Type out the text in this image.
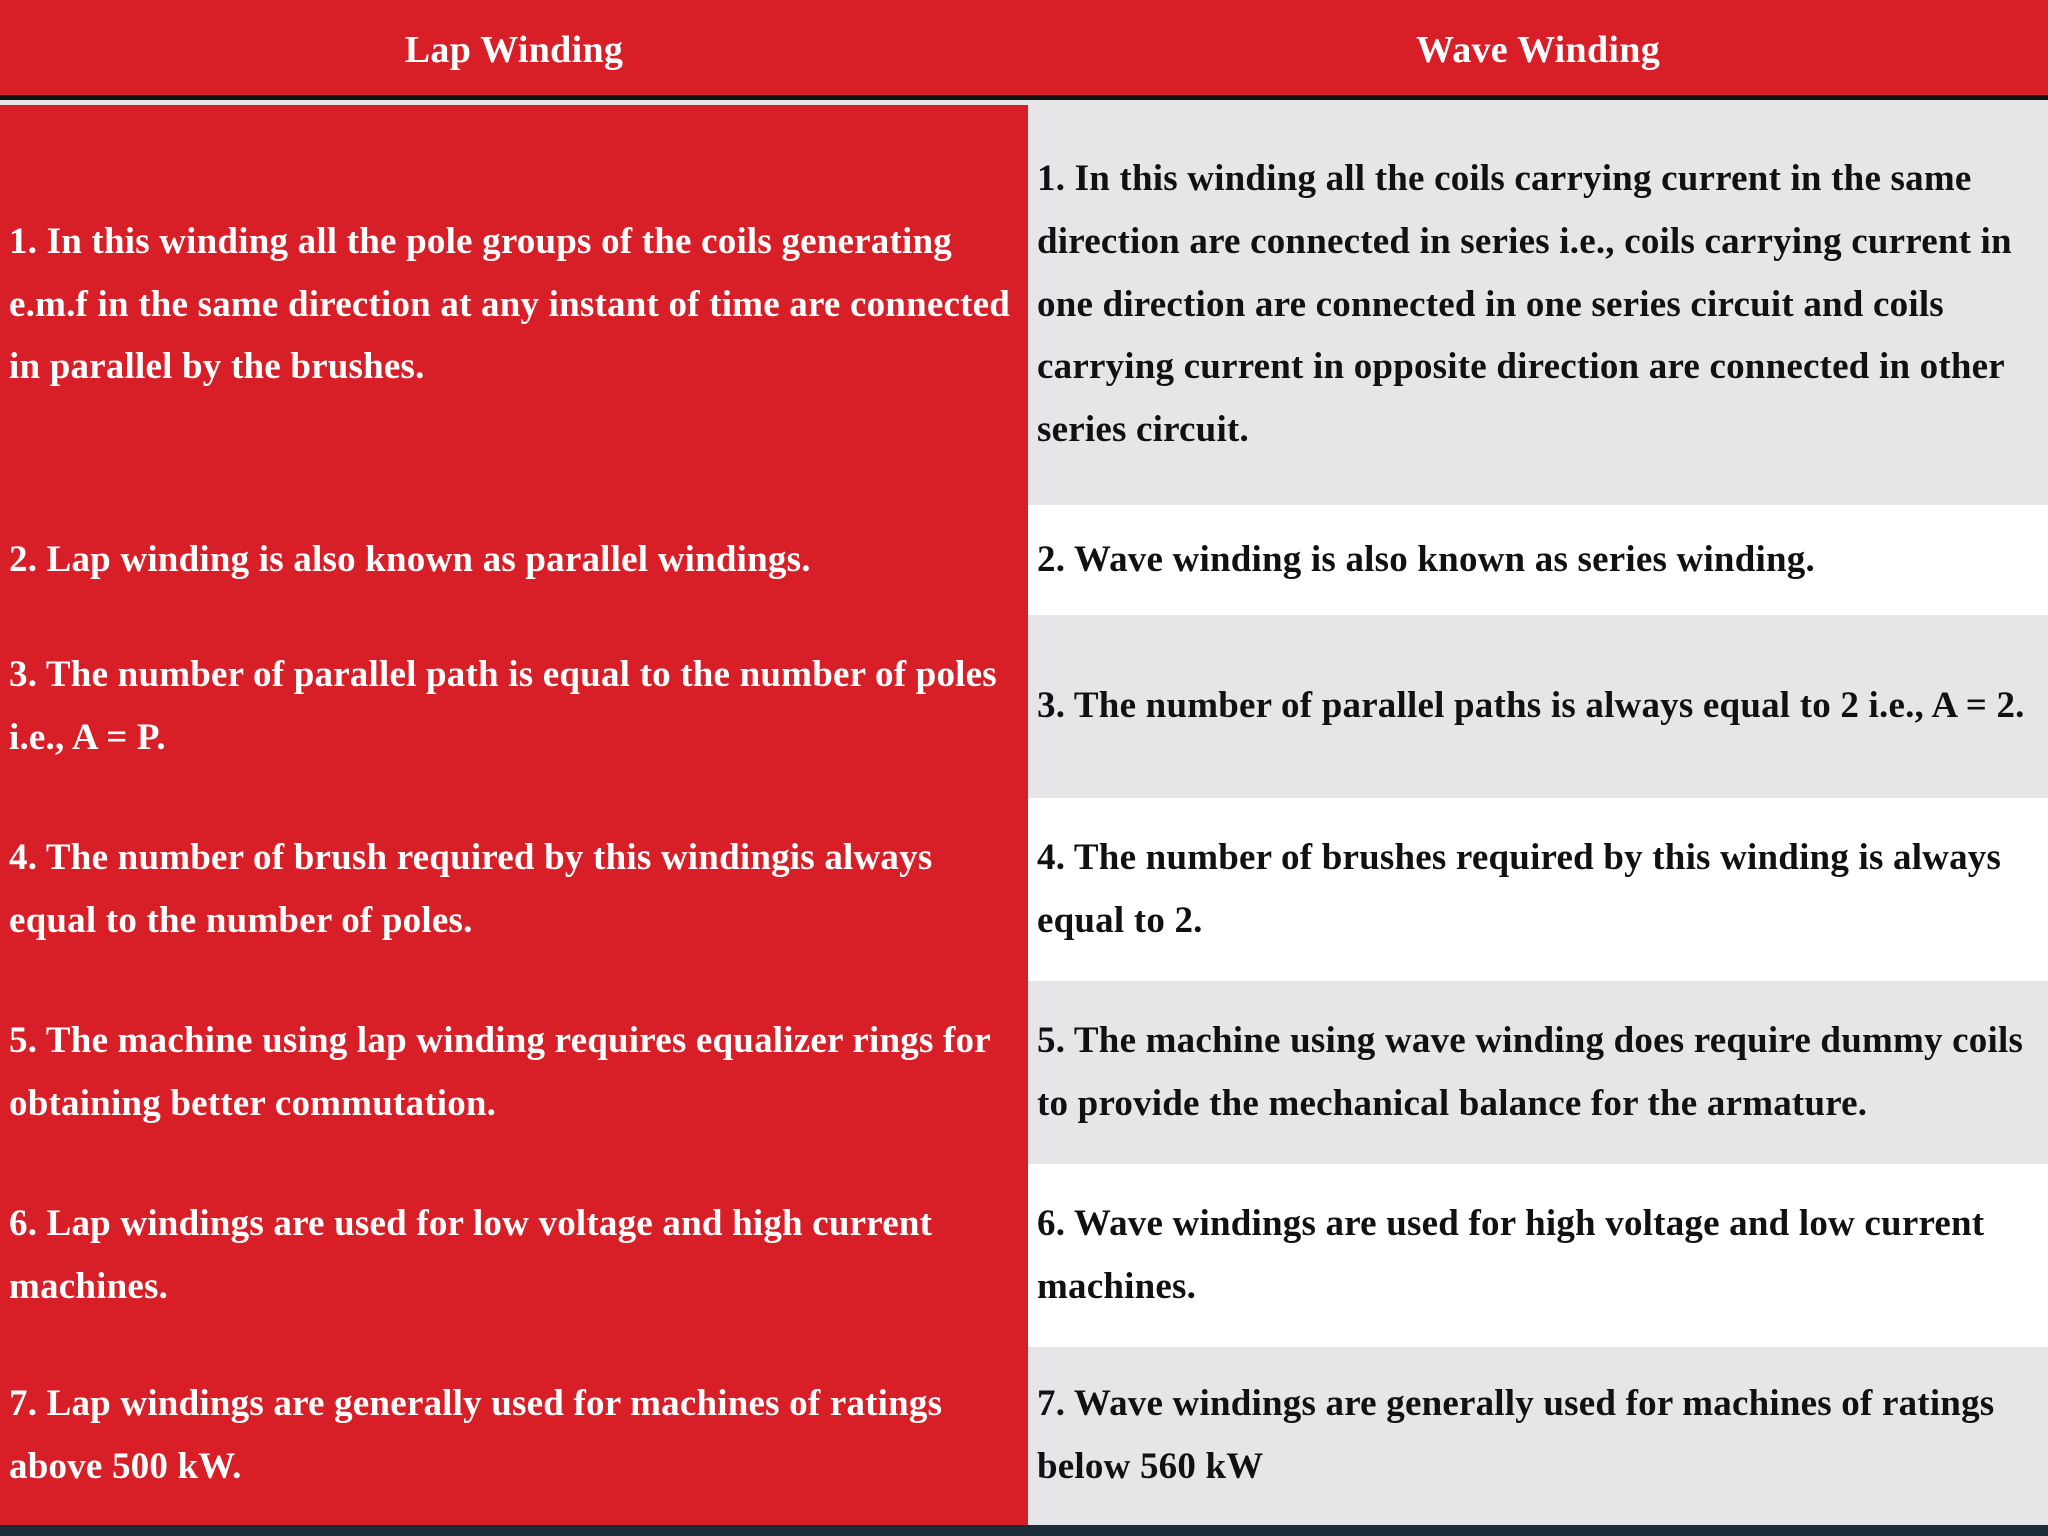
Lap Winding	Wave Winding
1. In this winding all the pole groups of the coils generating e.m.f in the same direction at any instant of time are connected in parallel by the brushes.
1. In this winding all the coils carrying current in the same direction are connected in series i.e., coils carrying current in one direction are connected in one series circuit and coils carrying current in opposite direction are connected in other series circuit.
2. Lap winding is also known as parallel windings.	2. Wave winding is also known as series winding.
3. The number of parallel path is equal to the number of poles i.e., A = P.
3. The number of parallel paths is always equal to 2 i.e., A = 2.
4. The number of brush required by this windingis always equal to the number of poles.
4. The number of brushes required by this winding is always equal to 2.
5. The machine using lap winding requires equalizer rings for obtaining better commutation.
5. The machine using wave winding does require dummy coils to provide the mechanical balance for the armature.
6. Lap windings are used for low voltage and high current machines.
6. Wave windings are used for high voltage and low current machines.
7. Lap windings are generally used for machines of ratings above 500 kW.
7. Wave windings are generally used for machines of ratings below 560 kW
